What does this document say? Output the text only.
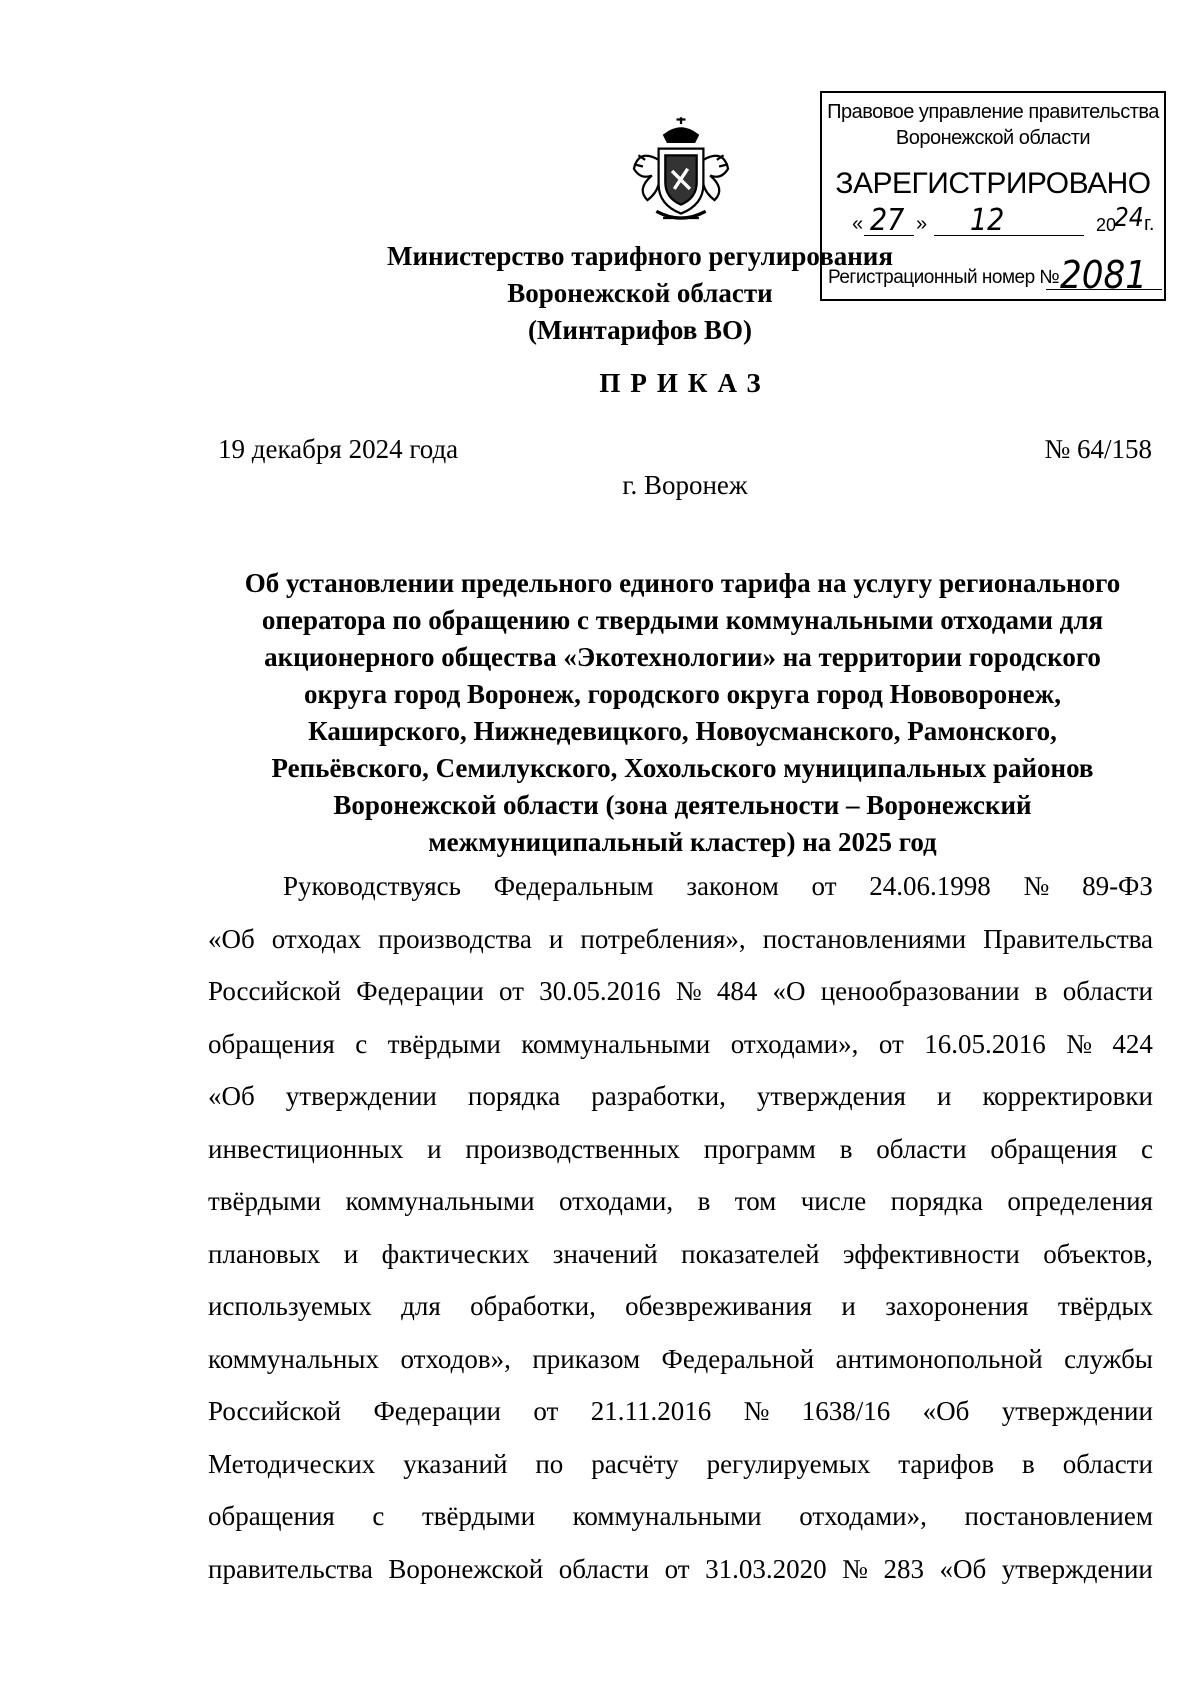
Правовое управление правительства
Воронежской области
ЗАРЕГИСТРИРОВАНО
« 27 » 12	20
24 г.
Регистрационный номер № 2081
Министерство тарифного регулирования
Воронежской области
(Минтарифов ВО)
ПРИКАЗ
19 декабря 2024 года	№ 64/158
г. Воронеж
Об установлении предельного единого тарифа на услугу регионального
оператора по обращению с твердыми коммунальными отходами для
акционерного общества «Экотехнологии» на территории городского
округа город Воронеж, городского округа город Нововоронеж,
Каширского, Нижнедевицкого, Новоусманского, Рамонского,
Репьёвского, Семилукского, Хохольского муниципальных районов
Воронежской области (зона деятельности – Воронежский
межмуниципальный кластер) на 2025 год
Руководствуясь Федеральным законом от 24.06.1998 № 89-ФЗ
«Об отходах производства и потребления», постановлениями Правительства
Российской Федерации от 30.05.2016 № 484 «О ценообразовании в области
обращения с твёрдыми коммунальными отходами», от 16.05.2016 № 424
«Об утверждении порядка разработки, утверждения и корректировки
инвестиционных и производственных программ в области обращения с
твёрдыми коммунальными отходами, в том числе порядка определения
плановых и фактических значений показателей эффективности объектов,
используемых для обработки, обезвреживания и захоронения твёрдых
коммунальных отходов», приказом Федеральной антимонопольной службы
Российской Федерации от 21.11.2016 № 1638/16 «Об утверждении
Методических указаний по расчёту регулируемых тарифов в области
обращения с твёрдыми коммунальными отходами», постановлением
правительства Воронежской области от 31.03.2020 № 283 «Об утверждении
